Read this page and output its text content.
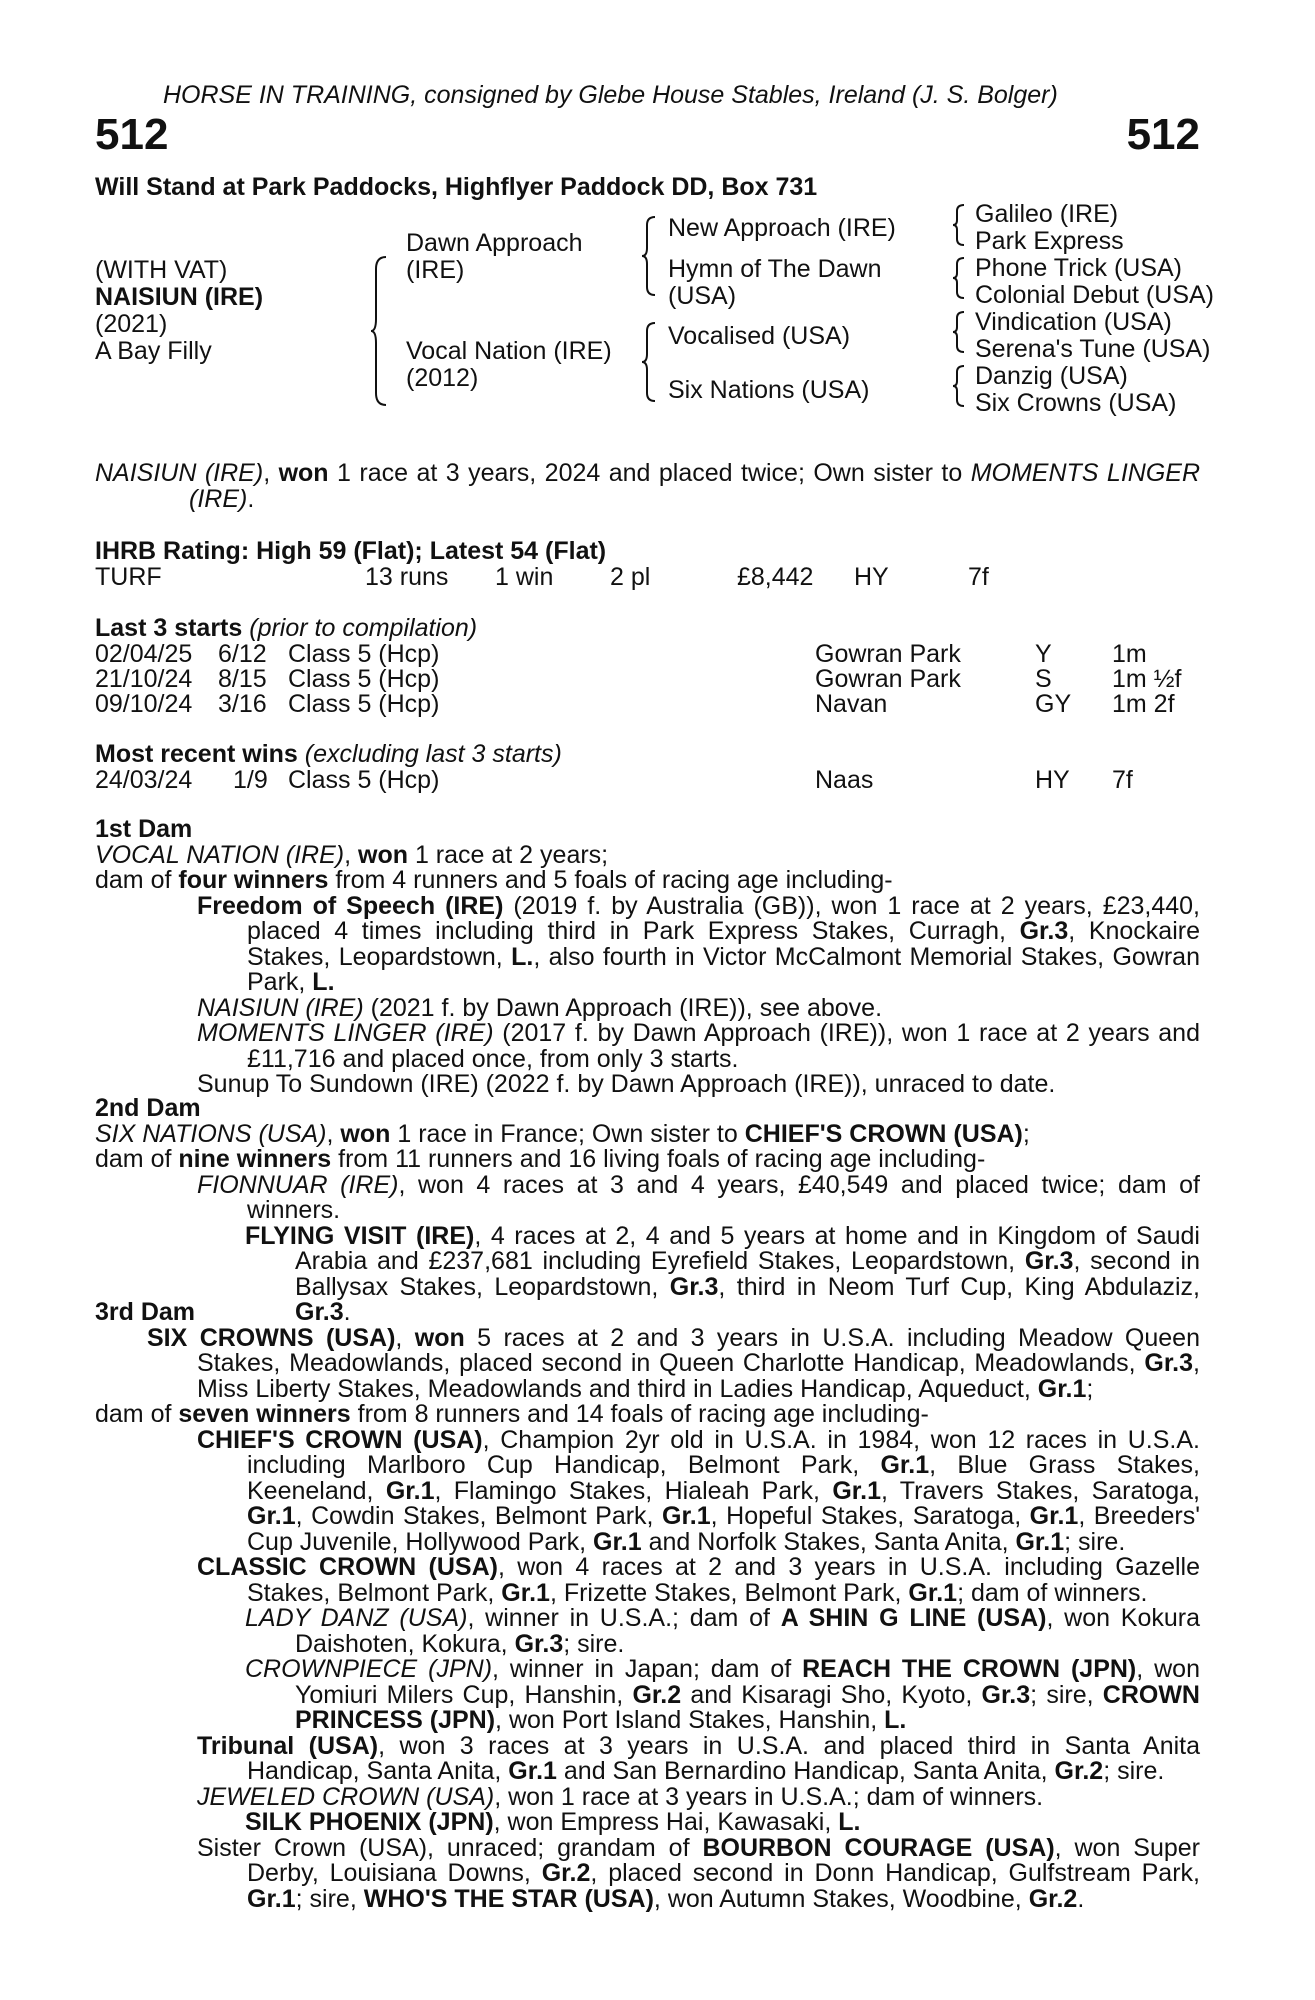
HORSE IN TRAINING, consigned by Glebe House Stables, Ireland (J. S. Bolger)
512	512
Will Stand at Park Paddocks, Highflyer Paddock DD, Box 731
(WITH VAT)
NAISIUN (IRE)
(2021)
A Bay Filly
Dawn Approach
(IRE)
Vocal Nation (IRE)
(2012)
New Approach (IRE)
Hymn of The Dawn
(USA)
Vocalised (USA)
Six Nations (USA)
Galileo (IRE)
Park Express
Phone Trick (USA)
Colonial Debut (USA)
Vindication (USA)
Serena's Tune (USA)
Danzig (USA)
Six Crowns (USA)

NAISIUN (IRE), won 1 race at 3 years, 2024 and placed twice; Own sister to MOMENTS LINGER (IRE).

IHRB Rating: High 59 (Flat); Latest 54 (Flat)
TURF	13 runs 1 win 2 pl	£8,442 HY	7f
Last 3 starts (prior to compilation)
02/04/25 6/12 Class 5 (Hcp)	Gowran Park	Y 1m
21/10/24 8/15 Class 5 (Hcp)	Gowran Park	S 1m ½f
09/10/24 3/16 Class 5 (Hcp)	Navan	GY 1m 2f
Most recent wins (excluding last 3 starts)
24/03/24 1/9 Class 5 (Hcp)	Naas	HY 7f

1st Dam

VOCAL NATION (IRE), won 1 race at 2 years;

dam of four winners from 4 runners and 5 foals of racing age including-

Freedom of Speech (IRE) (2019 f. by Australia (GB)), won 1 race at 2 years, £23,440, placed 4 times including third in Park Express Stakes, Curragh, Gr.3, Knockaire Stakes, Leopardstown, L., also fourth in Victor McCalmont Memorial Stakes, Gowran Park, L.

NAISIUN (IRE) (2021 f. by Dawn Approach (IRE)), see above.

MOMENTS LINGER (IRE) (2017 f. by Dawn Approach (IRE)), won 1 race at 2 years and £11,716 and placed once, from only 3 starts.

Sunup To Sundown (IRE) (2022 f. by Dawn Approach (IRE)), unraced to date.

2nd Dam

SIX NATIONS (USA), won 1 race in France; Own sister to CHIEF'S CROWN (USA);

dam of nine winners from 11 runners and 16 living foals of racing age including-

FIONNUAR (IRE), won 4 races at 3 and 4 years, £40,549 and placed twice; dam of winners.

FLYING VISIT (IRE), 4 races at 2, 4 and 5 years at home and in Kingdom of Saudi Arabia and £237,681 including Eyrefield Stakes, Leopardstown, Gr.3, second in Ballysax Stakes, Leopardstown, Gr.3, third in Neom Turf Cup, King Abdulaziz, Gr.3.

3rd Dam

SIX CROWNS (USA), won 5 races at 2 and 3 years in U.S.A. including Meadow Queen Stakes, Meadowlands, placed second in Queen Charlotte Handicap, Meadowlands, Gr.3, Miss Liberty Stakes, Meadowlands and third in Ladies Handicap, Aqueduct, Gr.1;

dam of seven winners from 8 runners and 14 foals of racing age including-

CHIEF'S CROWN (USA), Champion 2yr old in U.S.A. in 1984, won 12 races in U.S.A. including Marlboro Cup Handicap, Belmont Park, Gr.1, Blue Grass Stakes, Keeneland, Gr.1, Flamingo Stakes, Hialeah Park, Gr.1, Travers Stakes, Saratoga, Gr.1, Cowdin Stakes, Belmont Park, Gr.1, Hopeful Stakes, Saratoga, Gr.1, Breeders' Cup Juvenile, Hollywood Park, Gr.1 and Norfolk Stakes, Santa Anita, Gr.1; sire.

CLASSIC CROWN (USA), won 4 races at 2 and 3 years in U.S.A. including Gazelle Stakes, Belmont Park, Gr.1, Frizette Stakes, Belmont Park, Gr.1; dam of winners.

LADY DANZ (USA), winner in U.S.A.; dam of A SHIN G LINE (USA), won Kokura Daishoten, Kokura, Gr.3; sire.

CROWNPIECE (JPN), winner in Japan; dam of REACH THE CROWN (JPN), won Yomiuri Milers Cup, Hanshin, Gr.2 and Kisaragi Sho, Kyoto, Gr.3; sire, CROWN PRINCESS (JPN), won Port Island Stakes, Hanshin, L.

Tribunal (USA), won 3 races at 3 years in U.S.A. and placed third in Santa Anita Handicap, Santa Anita, Gr.1 and San Bernardino Handicap, Santa Anita, Gr.2; sire.

JEWELED CROWN (USA), won 1 race at 3 years in U.S.A.; dam of winners.

SILK PHOENIX (JPN), won Empress Hai, Kawasaki, L.

Sister Crown (USA), unraced; grandam of BOURBON COURAGE (USA), won Super Derby, Louisiana Downs, Gr.2, placed second in Donn Handicap, Gulfstream Park, Gr.1; sire, WHO'S THE STAR (USA), won Autumn Stakes, Woodbine, Gr.2.
